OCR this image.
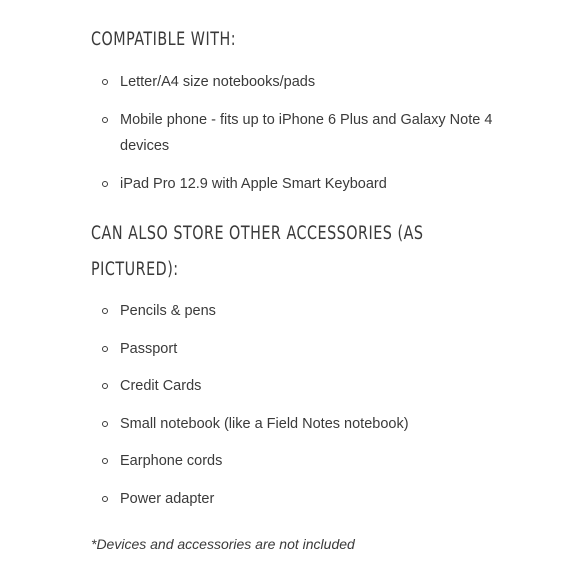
COMPATIBLE WITH:
Letter/A4 size notebooks/pads
Mobile phone - fits up to iPhone 6 Plus and Galaxy Note 4 devices
iPad Pro 12.9 with Apple Smart Keyboard
CAN ALSO STORE OTHER ACCESSORIES (AS PICTURED):
Pencils & pens
Passport
Credit Cards
Small notebook (like a Field Notes notebook)
Earphone cords
Power adapter
*Devices and accessories are not included
